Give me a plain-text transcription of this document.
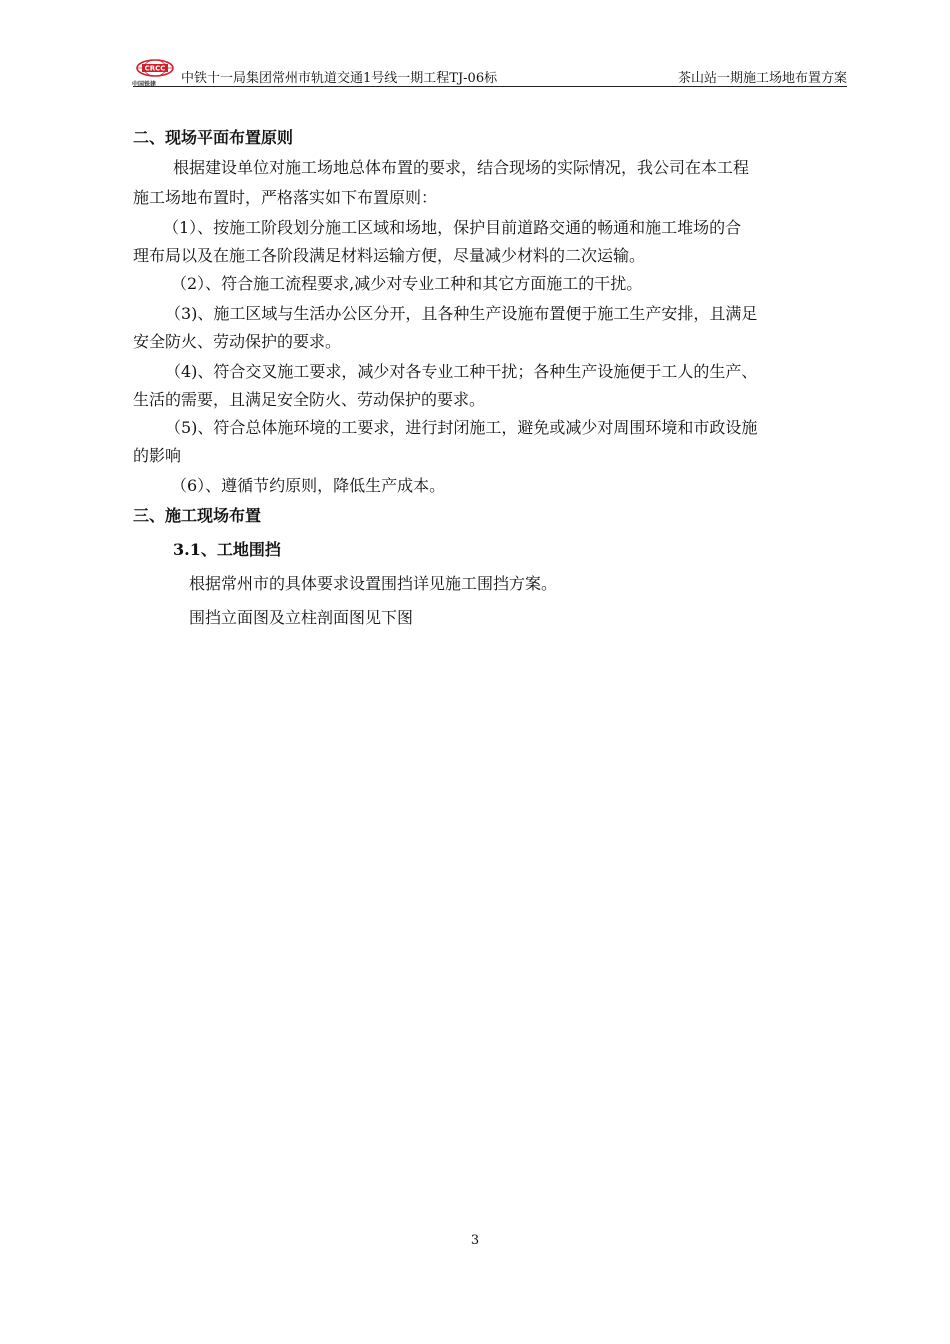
CRCC
中国铁建 中铁十一局集团常州市轨道交通1号线一期工程TJ-06标	茶山站一期施工场地布置方案
二、现场平面布置原则
根据建设单位对施工场地总体布置的要求，结合现场的实际情况，我公司在本工程
施工场地布置时，严格落实如下布置原则：
（1）、按施工阶段划分施工区域和场地，保护目前道路交通的畅通和施工堆场的合
理布局以及在施工各阶段满足材料运输方便，尽量减少材料的二次运输。
（2）、符合施工流程要求,减少对专业工种和其它方面施工的干扰。
（3)、施工区域与生活办公区分开，且各种生产设施布置便于施工生产安排，且满足
安全防火、劳动保护的要求。
（4)、符合交叉施工要求，减少对各专业工种干扰；各种生产设施便于工人的生产、
生活的需要，且满足安全防火、劳动保护的要求。
（5)、符合总体施环境的工要求，进行封闭施工，避免或减少对周围环境和市政设施
的影响
（6）、遵循节约原则，降低生产成本。
三、施工现场布置
3.1、工地围挡
根据常州市的具体要求设置围挡详见施工围挡方案。
围挡立面图及立柱剖面图见下图
3
